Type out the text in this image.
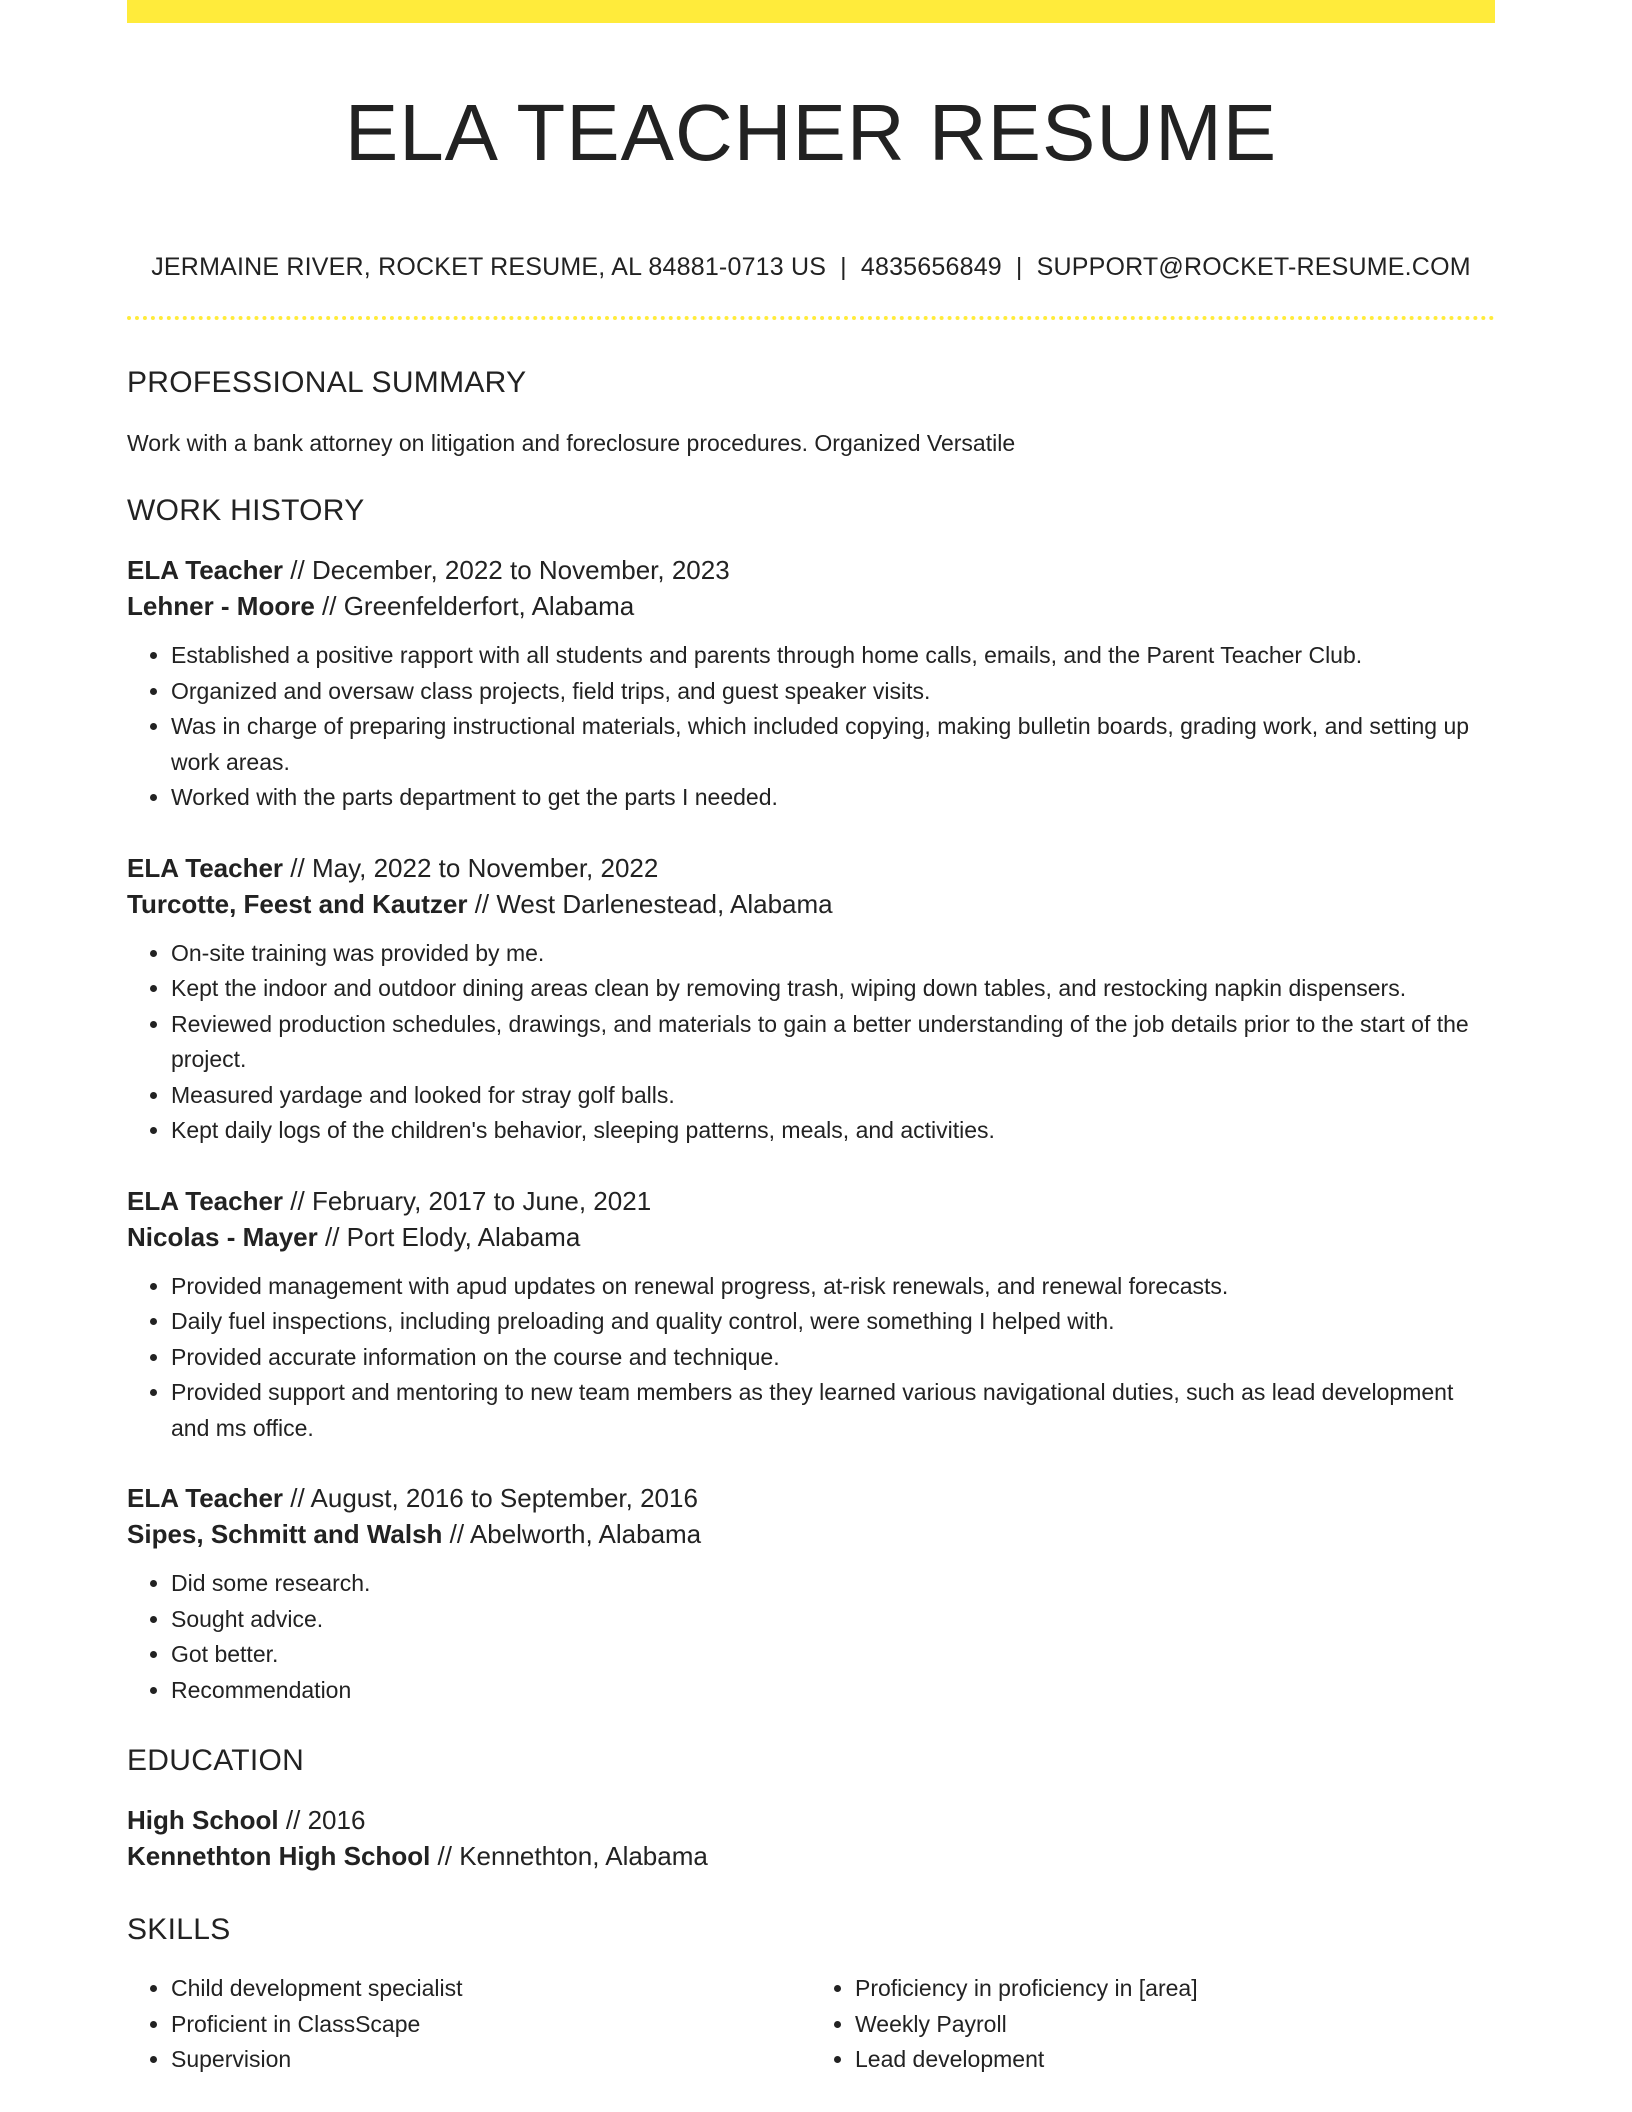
ELA TEACHER RESUME
JERMAINE RIVER, ROCKET RESUME, AL 84881-0713 US | 4835656849 | SUPPORT@ROCKET-RESUME.COM
PROFESSIONAL SUMMARY
Work with a bank attorney on litigation and foreclosure procedures. Organized Versatile
WORK HISTORY
ELA Teacher // December, 2022 to November, 2023
Lehner - Moore // Greenfelderfort, Alabama
• Established a positive rapport with all students and parents through home calls, emails, and the Parent Teacher Club.
• Organized and oversaw class projects, field trips, and guest speaker visits.
• Was in charge of preparing instructional materials, which included copying, making bulletin boards, grading work, and setting up work areas.
• Worked with the parts department to get the parts I needed.
ELA Teacher // May, 2022 to November, 2022
Turcotte, Feest and Kautzer // West Darlenestead, Alabama
• On-site training was provided by me.
• Kept the indoor and outdoor dining areas clean by removing trash, wiping down tables, and restocking napkin dispensers.
• Reviewed production schedules, drawings, and materials to gain a better understanding of the job details prior to the start of the project.
• Measured yardage and looked for stray golf balls.
• Kept daily logs of the children's behavior, sleeping patterns, meals, and activities.
ELA Teacher // February, 2017 to June, 2021
Nicolas - Mayer // Port Elody, Alabama
• Provided management with apud updates on renewal progress, at-risk renewals, and renewal forecasts.
• Daily fuel inspections, including preloading and quality control, were something I helped with.
• Provided accurate information on the course and technique.
• Provided support and mentoring to new team members as they learned various navigational duties, such as lead development and ms office.
ELA Teacher // August, 2016 to September, 2016
Sipes, Schmitt and Walsh // Abelworth, Alabama
• Did some research.
• Sought advice.
• Got better.
• Recommendation
EDUCATION
High School // 2016
Kennethton High School // Kennethton, Alabama
SKILLS
• Child development specialist
• Proficient in ClassScape
• Supervision
• Proficiency in proficiency in [area]
• Weekly Payroll
• Lead development
